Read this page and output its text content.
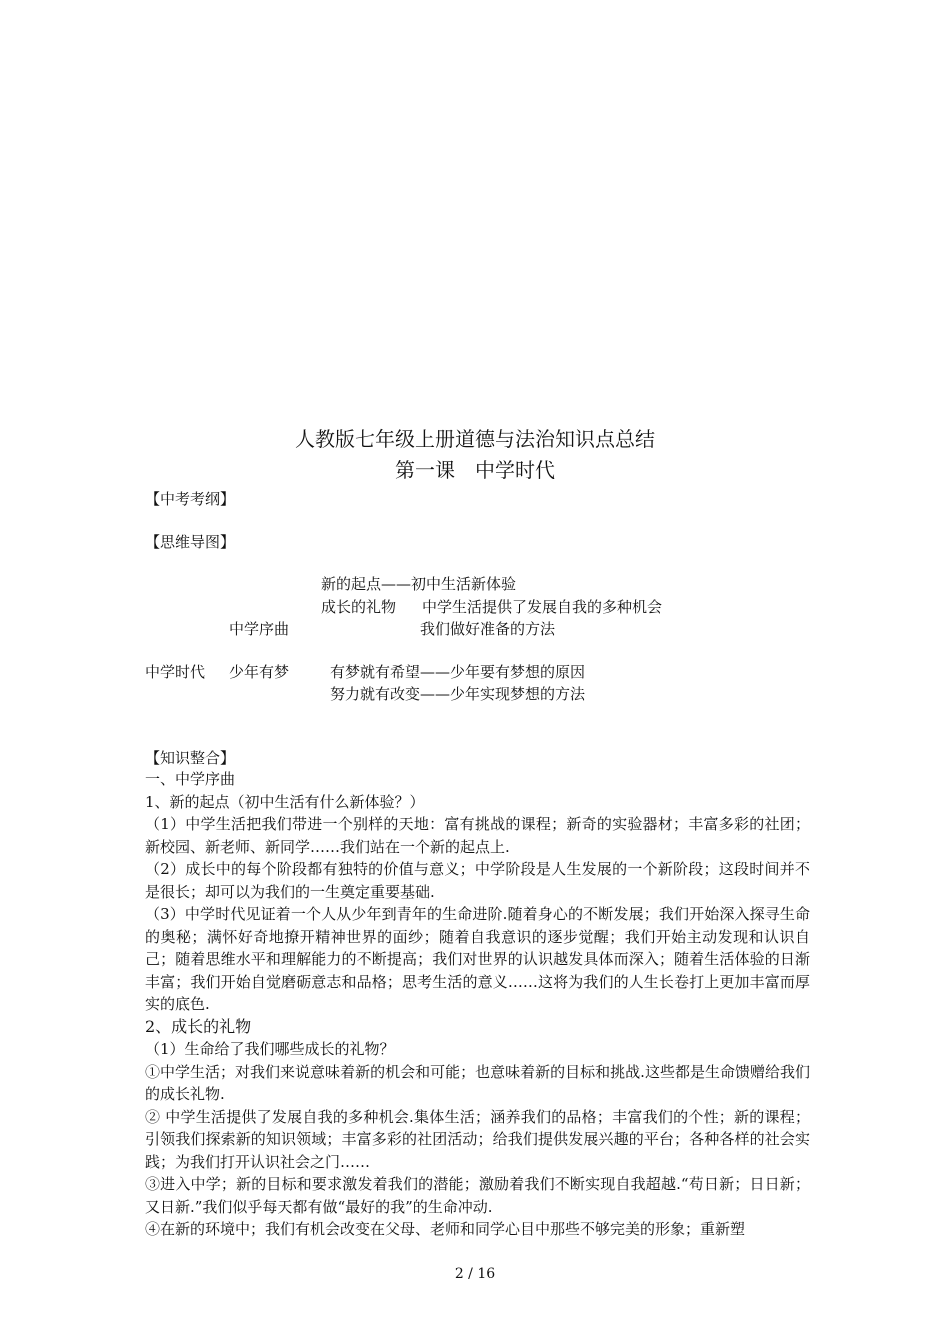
人教版七年级上册道德与法治知识点总结
第一课　中学时代
【中考考纲】
【思维导图】
新的起点——初中生活新体验
成长的礼物 中学生活提供了发展自我的多种机会
中学序曲	我们做好准备的方法
中学时代 少年有梦	有梦就有希望——少年要有梦想的原因
努力就有改变——少年实现梦想的方法
【知识整合】

一、中学序曲

1、新的起点（初中生活有什么新体验？）

（1）中学生活把我们带进一个别样的天地：富有挑战的课程；新奇的实验器材；丰富多彩的社团；新校园、新老师、新同学……我们站在一个新的起点上.

（2）成长中的每个阶段都有独特的价值与意义；中学阶段是人生发展的一个新阶段；这段时间并不是很长；却可以为我们的一生奠定重要基础.

（3）中学时代见证着一个人从少年到青年的生命进阶.随着身心的不断发展；我们开始深入探寻生命的奥秘；满怀好奇地撩开精神世界的面纱；随着自我意识的逐步觉醒；我们开始主动发现和认识自己；随着思维水平和理解能力的不断提高；我们对世界的认识越发具体而深入；随着生活体验的日渐丰富；我们开始自觉磨砺意志和品格；思考生活的意义……这将为我们的人生长卷打上更加丰富而厚实的底色.

2、成长的礼物

（1）生命给了我们哪些成长的礼物？

①中学生活；对我们来说意味着新的机会和可能；也意味着新的目标和挑战.这些都是生命馈赠给我们的成长礼物.

② 中学生活提供了发展自我的多种机会.集体生活；涵养我们的品格；丰富我们的个性；新的课程；引领我们探索新的知识领域；丰富多彩的社团活动；给我们提供发展兴趣的平台；各种各样的社会实践；为我们打开认识社会之门……

③进入中学；新的目标和要求激发着我们的潜能；激励着我们不断实现自我超越.“苟日新；日日新；又日新.”我们似乎每天都有做“最好的我”的生命冲动.

④在新的环境中；我们有机会改变在父母、老师和同学心目中那些不够完美的形象；重新塑

2 / 16
